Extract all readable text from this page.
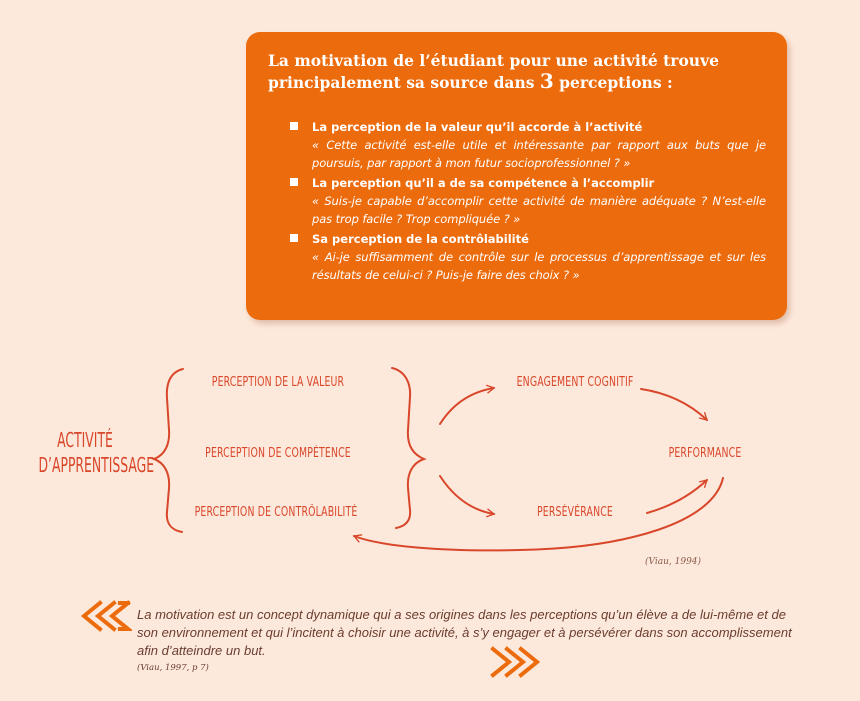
La motivation de l’étudiant pour une activité trouve principalement sa source dans 3 perceptions :
La perception de la valeur qu’il accorde à l’activité
« Cette activité est-elle utile et intéressante par rapport aux buts que je poursuis, par rapport à mon futur socioprofessionnel ? »
La perception qu’il a de sa compétence à l’accomplir
« Suis-je capable d’accomplir cette activité de manière adéquate ? N’est-elle pas trop facile ? Trop compliquée ? »
Sa perception de la contrôlabilité
« Ai-je suffisamment de contrôle sur le processus d’apprentissage et sur les résultats de celui-ci ? Puis-je faire des choix ? »
ACTIVITÉ
D’APPRENTISSAGE
PERCEPTION DE LA VALEUR
PERCEPTION DE COMPÉTENCE
PERCEPTION DE CONTRÔLABILITÉ
ENGAGEMENT COGNITIF
PERSÉVÉRANCE
PERFORMANCE
(Viau, 1994)
La motivation est un concept dynamique qui a ses origines dans les perceptions qu’un élève a de lui-même et de son environnement et qui l’incitent à choisir une activité, à s’y engager et à persévérer dans son accomplissement afin d’atteindre un but.
(Viau, 1997, p 7)
